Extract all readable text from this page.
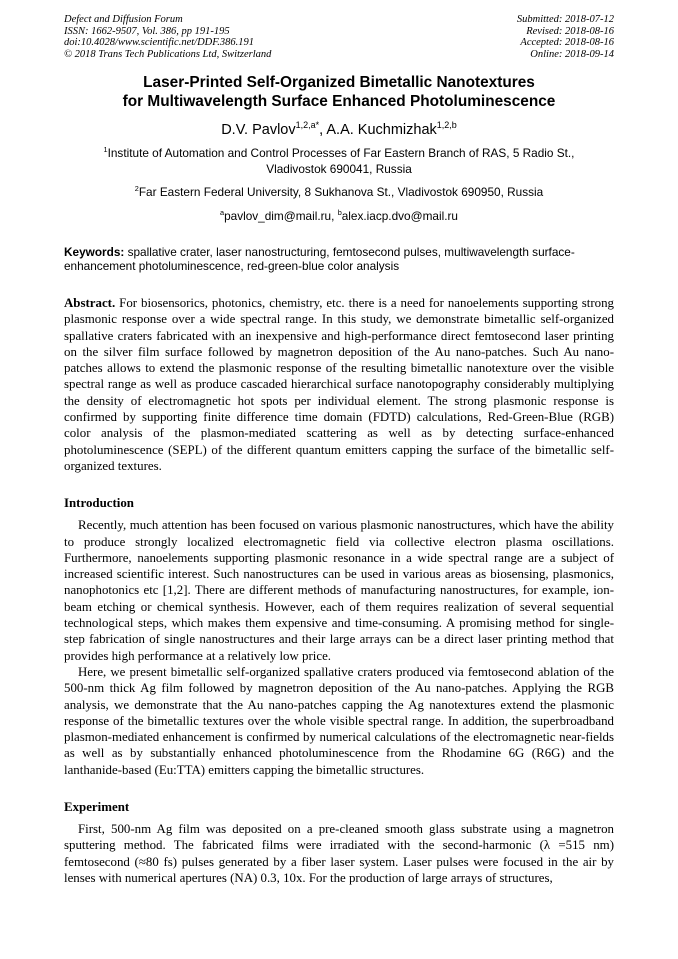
Defect and Diffusion Forum
ISSN: 1662-9507, Vol. 386, pp 191-195
doi:10.4028/www.scientific.net/DDF.386.191
© 2018 Trans Tech Publications Ltd, Switzerland
Submitted: 2018-07-12
Revised: 2018-08-16
Accepted: 2018-08-16
Online: 2018-09-14
Laser-Printed Self-Organized Bimetallic Nanotextures
for Multiwavelength Surface Enhanced Photoluminescence
D.V. Pavlov$^{1,2,a*}$, A.A. Kuchmizhak$^{1,2,b}$
$^1$Institute of Automation and Control Processes of Far Eastern Branch of RAS, 5 Radio St., Vladivostok 690041, Russia
$^2$Far Eastern Federal University, 8 Sukhanova St., Vladivostok 690950, Russia
$^a$pavlov_dim@mail.ru, $^b$alex.iacp.dvo@mail.ru
Keywords: spallative crater, laser nanostructuring, femtosecond pulses, multiwavelength surface-enhancement photoluminescence, red-green-blue color analysis

Abstract. For biosensorics, photonics, chemistry, etc. there is a need for nanoelements supporting strong plasmonic response over a wide spectral range. In this study, we demonstrate bimetallic self-organized spallative craters fabricated with an inexpensive and high-performance direct femtosecond laser printing on the silver film surface followed by magnetron deposition of the Au nano-patches. Such Au nano-patches allows to extend the plasmonic response of the resulting bimetallic nanotexture over the visible spectral range as well as produce cascaded hierarchical surface nanotopography considerably multiplying the density of electromagnetic hot spots per individual element. The strong plasmonic response is confirmed by supporting finite difference time domain (FDTD) calculations, Red-Green-Blue (RGB) color analysis of the plasmon-mediated scattering as well as by detecting surface-enhanced photoluminescence (SEPL) of the different quantum emitters capping the surface of the bimetallic self-organized textures.

Introduction

Recently, much attention has been focused on various plasmonic nanostructures, which have the ability to produce strongly localized electromagnetic field via collective electron plasma oscillations. Furthermore, nanoelements supporting plasmonic resonance in a wide spectral range are a subject of increased scientific interest. Such nanostructures can be used in various areas as biosensing, plasmonics, nanophotonics etc [1,2]. There are different methods of manufacturing nanostructures, for example, ion-beam etching or chemical synthesis. However, each of them requires realization of several sequential technological steps, which makes them expensive and time-consuming. A promising method for single-step fabrication of single nanostructures and their large arrays can be a direct laser printing method that provides high performance at a relatively low price.

Here, we present bimetallic self-organized spallative craters produced via femtosecond ablation of the 500-nm thick Ag film followed by magnetron deposition of the Au nano-patches. Applying the RGB analysis, we demonstrate that the Au nano-patches capping the Ag nanotextures extend the plasmonic response of the bimetallic textures over the whole visible spectral range. In addition, the superbroadband plasmon-mediated enhancement is confirmed by numerical calculations of the electromagnetic near-fields as well as by substantially enhanced photoluminescence from the Rhodamine 6G (R6G) and the lanthanide-based (Eu:TTA) emitters capping the bimetallic structures.

Experiment

First, 500-nm Ag film was deposited on a pre-cleaned smooth glass substrate using a magnetron sputtering method. The fabricated films were irradiated with the second-harmonic (λ =515 nm) femtosecond (≈80 fs) pulses generated by a fiber laser system. Laser pulses were focused in the air by lenses with numerical apertures (NA) 0.3, 10x. For the production of large arrays of structures,
